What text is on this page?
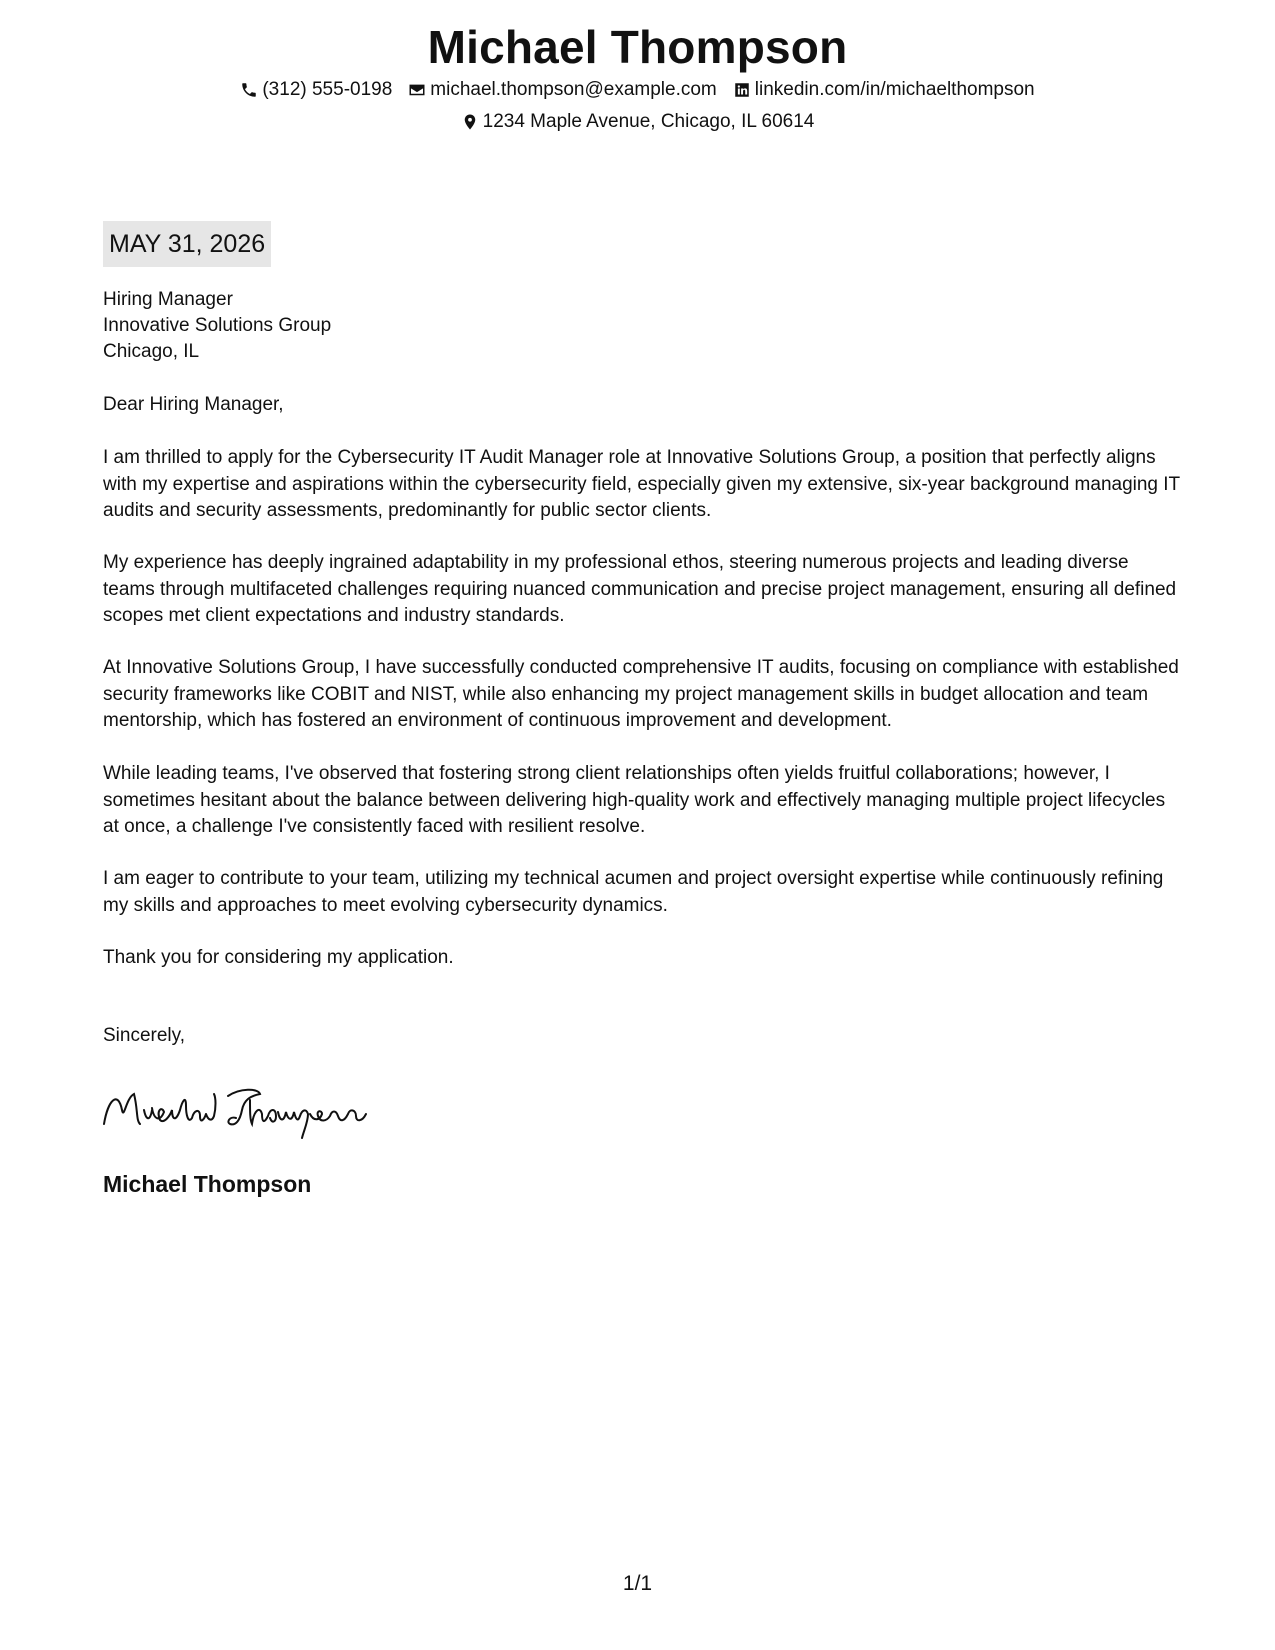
Michael Thompson
(312) 555-0198 michael.thompson@example.com linkedin.com/in/michaelthompson
1234 Maple Avenue, Chicago, IL 60614
MAY 31, 2026
Hiring Manager
Innovative Solutions Group
Chicago, IL

Dear Hiring Manager,

I am thrilled to apply for the Cybersecurity IT Audit Manager role at Innovative Solutions Group, a position that perfectly aligns with my expertise and aspirations within the cybersecurity field, especially given my extensive, six-year background managing IT audits and security assessments, predominantly for public sector clients.

My experience has deeply ingrained adaptability in my professional ethos, steering numerous projects and leading diverse teams through multifaceted challenges requiring nuanced communication and precise project management, ensuring all defined scopes met client expectations and industry standards.

At Innovative Solutions Group, I have successfully conducted comprehensive IT audits, focusing on compliance with established security frameworks like COBIT and NIST, while also enhancing my project management skills in budget allocation and team mentorship, which has fostered an environment of continuous improvement and development.

While leading teams, I've observed that fostering strong client relationships often yields fruitful collaborations; however, I sometimes hesitant about the balance between delivering high-quality work and effectively managing multiple project lifecycles at once, a challenge I've consistently faced with resilient resolve.

I am eager to contribute to your team, utilizing my technical acumen and project oversight expertise while continuously refining my skills and approaches to meet evolving cybersecurity dynamics.

Thank you for considering my application.

Sincerely,

Michael Thompson
1/1
